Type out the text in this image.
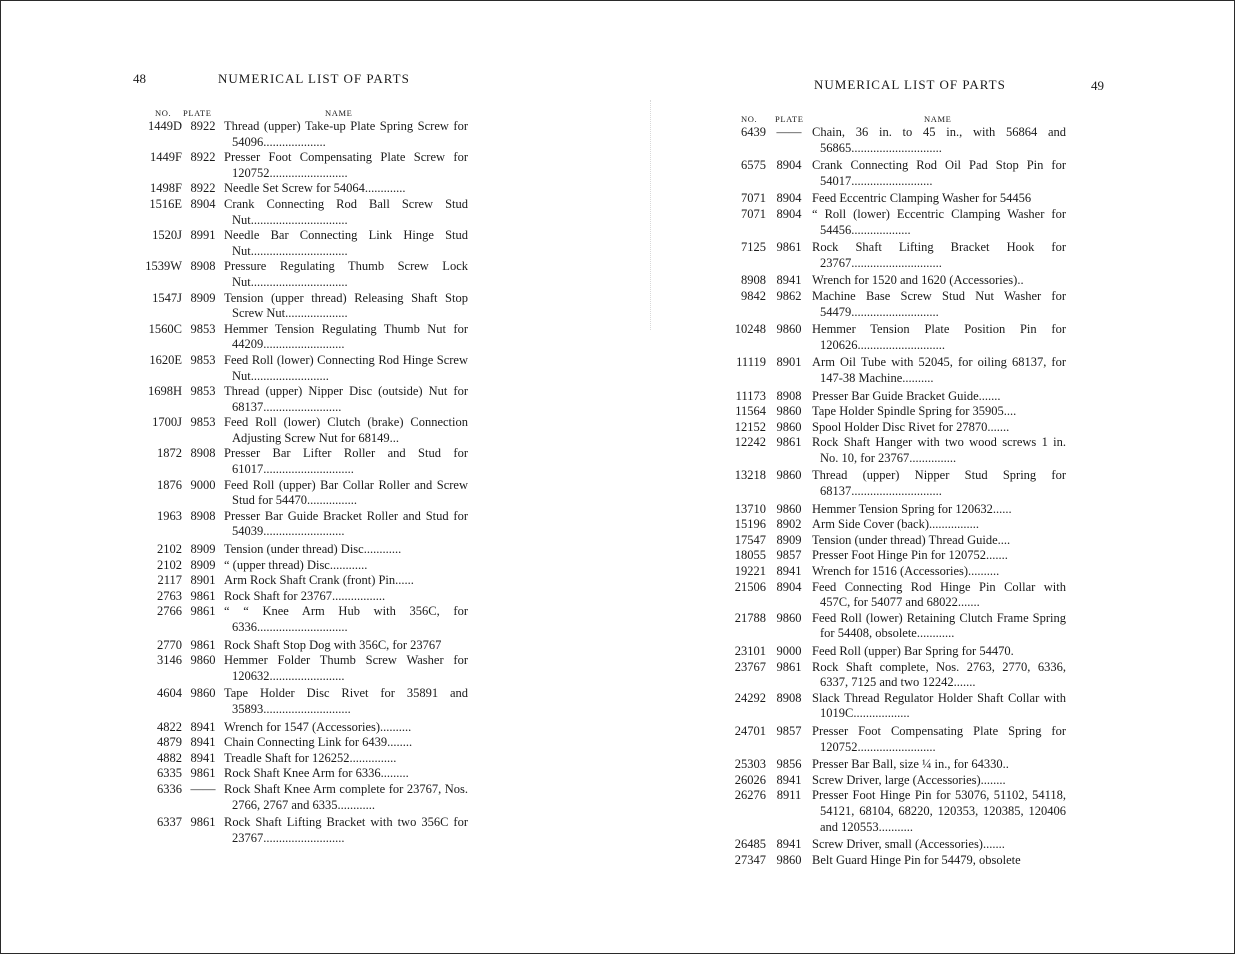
48	NUMERICAL LIST OF PARTS
NO. PLATE	NAME
1449D 8922 Thread (upper) Take-up Plate Spring Screw for 54096....................
1449F 8922 Presser Foot Compensating Plate Screw for 120752.........................
1498F 8922 Needle Set Screw for 54064.............
1516E 8904 Crank Connecting Rod Ball Screw Stud Nut...............................
1520J 8991 Needle Bar Connecting Link Hinge Stud Nut...............................
1539W 8908 Pressure Regulating Thumb Screw Lock Nut...............................
1547J 8909 Tension (upper thread) Releasing Shaft Stop Screw Nut....................
1560C 9853 Hemmer Tension Regulating Thumb Nut for 44209..........................
1620E 9853 Feed Roll (lower) Connecting Rod Hinge Screw Nut.........................
1698H 9853 Thread (upper) Nipper Disc (outside) Nut for 68137.........................
1700J 9853 Feed Roll (lower) Clutch (brake) Connection Adjusting Screw Nut for 68149...
1872 8908 Presser Bar Lifter Roller and Stud for 61017.............................
1876 9000 Feed Roll (upper) Bar Collar Roller and Screw Stud for 54470................
1963 8908 Presser Bar Guide Bracket Roller and Stud for 54039..........................
2102 8909 Tension (under thread) Disc............
2102 8909 “ (upper thread) Disc............
2117 8901 Arm Rock Shaft Crank (front) Pin......
2763 9861 Rock Shaft for 23767.................
2766 9861 “ “ Knee Arm Hub with 356C, for 6336.............................
2770 9861 Rock Shaft Stop Dog with 356C, for 23767
3146 9860 Hemmer Folder Thumb Screw Washer for 120632........................
4604 9860 Tape Holder Disc Rivet for 35891 and 35893............................
4822 8941 Wrench for 1547 (Accessories)..........
4879 8941 Chain Connecting Link for 6439........
4882 8941 Treadle Shaft for 126252...............
6335 9861 Rock Shaft Knee Arm for 6336.........
6336 —— Rock Shaft Knee Arm complete for 23767, Nos. 2766, 2767 and 6335............
6337 9861 Rock Shaft Lifting Bracket with two 356C for 23767..........................
NUMERICAL LIST OF PARTS	49
NO. PLATE	NAME
6439 —— Chain, 36 in. to 45 in., with 56864 and 56865.............................
6575 8904 Crank Connecting Rod Oil Pad Stop Pin for 54017..........................
7071 8904 Feed Eccentric Clamping Washer for 54456
7071 8904 “ Roll (lower) Eccentric Clamping Washer for 54456...................
7125 9861 Rock Shaft Lifting Bracket Hook for 23767.............................
8908 8941 Wrench for 1520 and 1620 (Accessories)..
9842 9862 Machine Base Screw Stud Nut Washer for 54479............................
10248 9860 Hemmer Tension Plate Position Pin for 120626............................
11119 8901 Arm Oil Tube with 52045, for oiling 68137, for 147-38 Machine..........
11173 8908 Presser Bar Guide Bracket Guide.......
11564 9860 Tape Holder Spindle Spring for 35905....
12152 9860 Spool Holder Disc Rivet for 27870.......
12242 9861 Rock Shaft Hanger with two wood screws 1 in. No. 10, for 23767...............
13218 9860 Thread (upper) Nipper Stud Spring for 68137.............................
13710 9860 Hemmer Tension Spring for 120632......
15196 8902 Arm Side Cover (back)................
17547 8909 Tension (under thread) Thread Guide....
18055 9857 Presser Foot Hinge Pin for 120752.......
19221 8941 Wrench for 1516 (Accessories)..........
21506 8904 Feed Connecting Rod Hinge Pin Collar with 457C, for 54077 and 68022.......
21788 9860 Feed Roll (lower) Retaining Clutch Frame Spring for 54408, obsolete............
23101 9000 Feed Roll (upper) Bar Spring for 54470.
23767 9861 Rock Shaft complete, Nos. 2763, 2770, 6336, 6337, 7125 and two 12242.......
24292 8908 Slack Thread Regulator Holder Shaft Collar with 1019C..................
24701 9857 Presser Foot Compensating Plate Spring for 120752.........................
25303 9856 Presser Bar Ball, size ¼ in., for 64330..
26026 8941 Screw Driver, large (Accessories)........
26276 8911 Presser Foot Hinge Pin for 53076, 51102, 54118, 54121, 68104, 68220, 120353, 120385, 120406 and 120553...........
26485 8941 Screw Driver, small (Accessories).......
27347 9860 Belt Guard Hinge Pin for 54479, obsolete
